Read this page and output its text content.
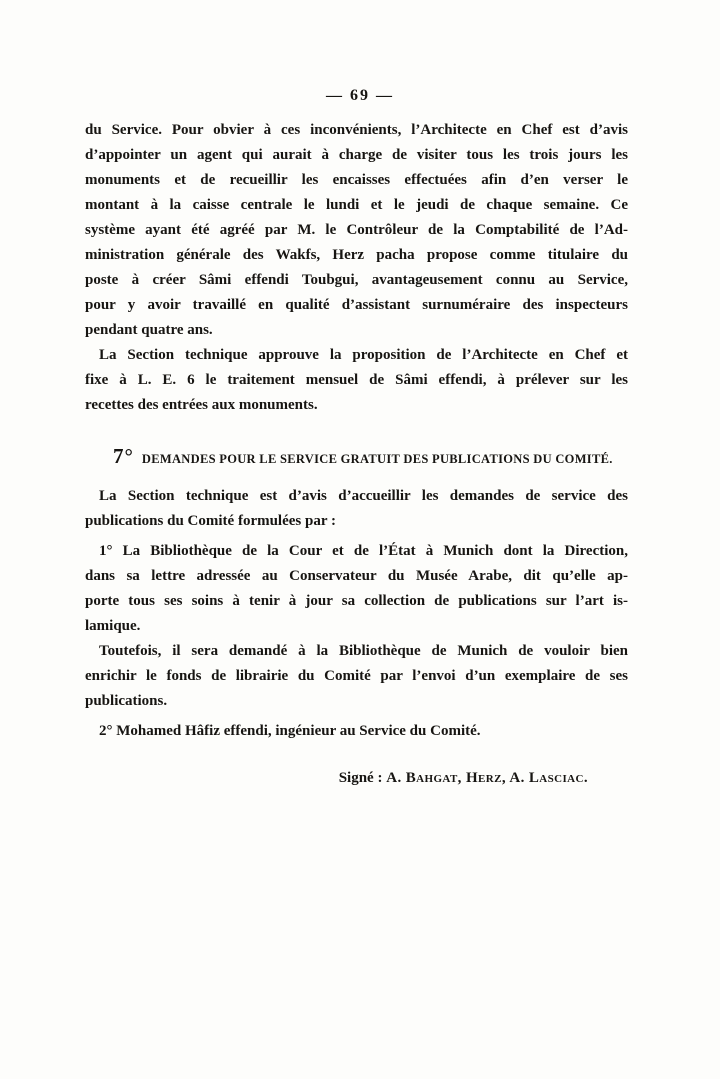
— 69 —
du Service. Pour obvier à ces inconvénients, l’Architecte en Chef est d’avis
d’appointer un agent qui aurait à charge de visiter tous les trois jours les
monuments et de recueillir les encaisses effectuées afin d’en verser le
montant à la caisse centrale le lundi et le jeudi de chaque semaine. Ce
système ayant été agréé par M. le Contrôleur de la Comptabilité de l’Ad-
ministration générale des Wakfs, Herz pacha propose comme titulaire du
poste à créer Sâmi effendi Toubgui, avantageusement connu au Service,
pour y avoir travaillé en qualité d’assistant surnuméraire des inspecteurs
pendant quatre ans.
La Section technique approuve la proposition de l’Architecte en Chef et
fixe à L. E. 6 le traitement mensuel de Sâmi effendi, à prélever sur les
recettes des entrées aux monuments.
7° DEMANDES POUR LE SERVICE GRATUIT DES PUBLICATIONS DU COMITÉ.
La Section technique est d’avis d’accueillir les demandes de service des
publications du Comité formulées par :
1° La Bibliothèque de la Cour et de l’État à Munich dont la Direction,
dans sa lettre adressée au Conservateur du Musée Arabe, dit qu’elle ap-
porte tous ses soins à tenir à jour sa collection de publications sur l’art is-
lamique.
Toutefois, il sera demandé à la Bibliothèque de Munich de vouloir bien
enrichir le fonds de librairie du Comité par l’envoi d’un exemplaire de ses
publications.
2° Mohamed Hâfiz effendi, ingénieur au Service du Comité.
Signé : A. Bahgat, Herz, A. Lasciac.
